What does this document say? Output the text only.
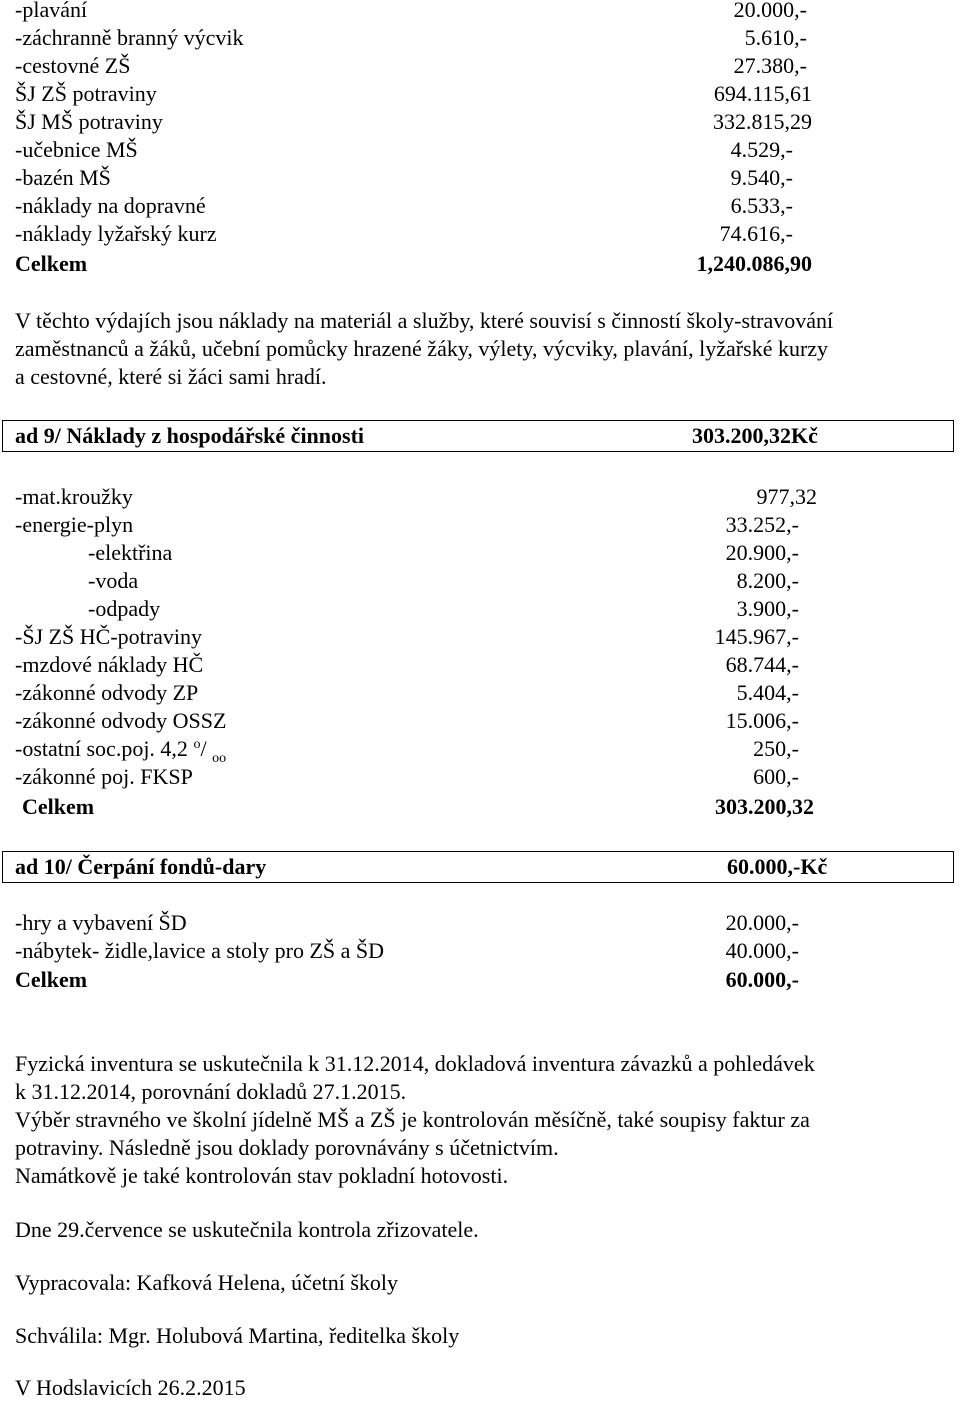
-plavání	20.000,-
-záchranně branný výcvik	5.610,-
-cestovné ZŠ	27.380,-
ŠJ ZŠ potraviny	694.115,61
ŠJ MŠ potraviny	332.815,29
-učebnice MŠ	4.529,-
-bazén MŠ	9.540,-
-náklady na dopravné	6.533,-
-náklady lyžařský kurz	74.616,-
Celkem	1,240.086,90
V těchto výdajích jsou náklady na materiál a služby, které souvisí s činností školy-stravování
zaměstnanců a žáků, učební pomůcky hrazené žáky, výlety, výcviky, plavání, lyžařské kurzy
a cestovné, které si žáci sami hradí.
ad 9/ Náklady z hospodářské činnosti	303.200,32Kč
-mat.kroužky	977,32
-energie-plyn	33.252,-
-elektřina	20.900,-
-voda	8.200,-
-odpady	3.900,-
-ŠJ ZŠ HČ-potraviny	145.967,-
-mzdové náklady HČ	68.744,-
-zákonné odvody ZP	5.404,-
-zákonné odvody OSSZ	15.006,-
-ostatní soc.poj. 4,2 $^o$/ $_{oo}$	250,-
-zákonné poj. FKSP	600,-
Celkem	303.200,32
ad 10/ Čerpání fondů-dary	60.000,-Kč
-hry a vybavení ŠD	20.000,-
-nábytek- židle,lavice a stoly pro ZŠ a ŠD	40.000,-
Celkem	60.000,-
Fyzická inventura se uskutečnila k 31.12.2014, dokladová inventura závazků a pohledávek
k 31.12.2014, porovnání dokladů 27.1.2015.
Výběr stravného ve školní jídelně MŠ a ZŠ je kontrolován měsíčně, také soupisy faktur za
potraviny. Následně jsou doklady porovnávány s účetnictvím.
Namátkově je také kontrolován stav pokladní hotovosti.
Dne 29.července se uskutečnila kontrola zřizovatele.
Vypracovala: Kafková Helena, účetní školy
Schválila: Mgr. Holubová Martina, ředitelka školy
V Hodslavicích 26.2.2015
